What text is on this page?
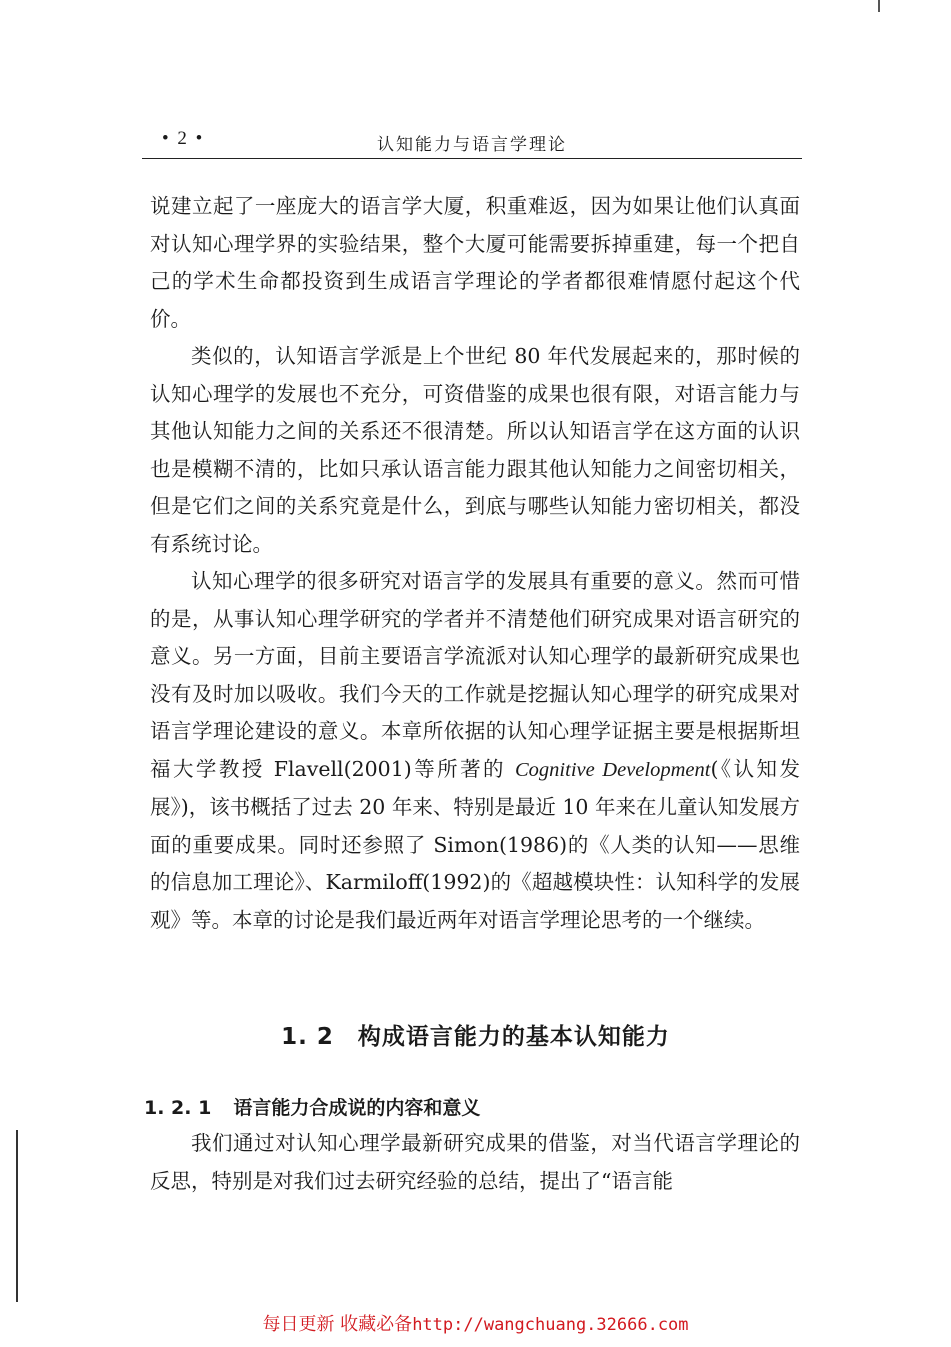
• 2 •	认知能力与语言学理论

说建立起了一座庞大的语言学大厦，积重难返，因为如果让他们认真面对认知心理学界的实验结果，整个大厦可能需要拆掉重建，每一个把自己的学术生命都投资到生成语言学理论的学者都很难情愿付起这个代价。

类似的，认知语言学派是上个世纪 80 年代发展起来的，那时候的认知心理学的发展也不充分，可资借鉴的成果也很有限，对语言能力与其他认知能力之间的关系还不很清楚。所以认知语言学在这方面的认识也是模糊不清的，比如只承认语言能力跟其他认知能力之间密切相关，但是它们之间的关系究竟是什么，到底与哪些认知能力密切相关，都没有系统讨论。

认知心理学的很多研究对语言学的发展具有重要的意义。然而可惜的是，从事认知心理学研究的学者并不清楚他们研究成果对语言研究的意义。另一方面，目前主要语言学流派对认知心理学的最新研究成果也没有及时加以吸收。我们今天的工作就是挖掘认知心理学的研究成果对语言学理论建设的意义。本章所依据的认知心理学证据主要是根据斯坦福大学教授 Flavell(2001)等所著的 Cognitive Development(《认知发展》)，该书概括了过去 20 年来、特别是最近 10 年来在儿童认知发展方面的重要成果。同时还参照了 Simon(1986)的《人类的认知——思维的信息加工理论》、Karmiloff(1992)的《超越模块性：认知科学的发展观》等。本章的讨论是我们最近两年对语言学理论思考的一个继续。

1. 2 构成语言能力的基本认知能力
1. 2. 1 语言能力合成说的内容和意义

我们通过对认知心理学最新研究成果的借鉴，对当代语言学理论的反思，特别是对我们过去研究经验的总结，提出了“语言能

每日更新 收藏必备http://wangchuang.32666.com
